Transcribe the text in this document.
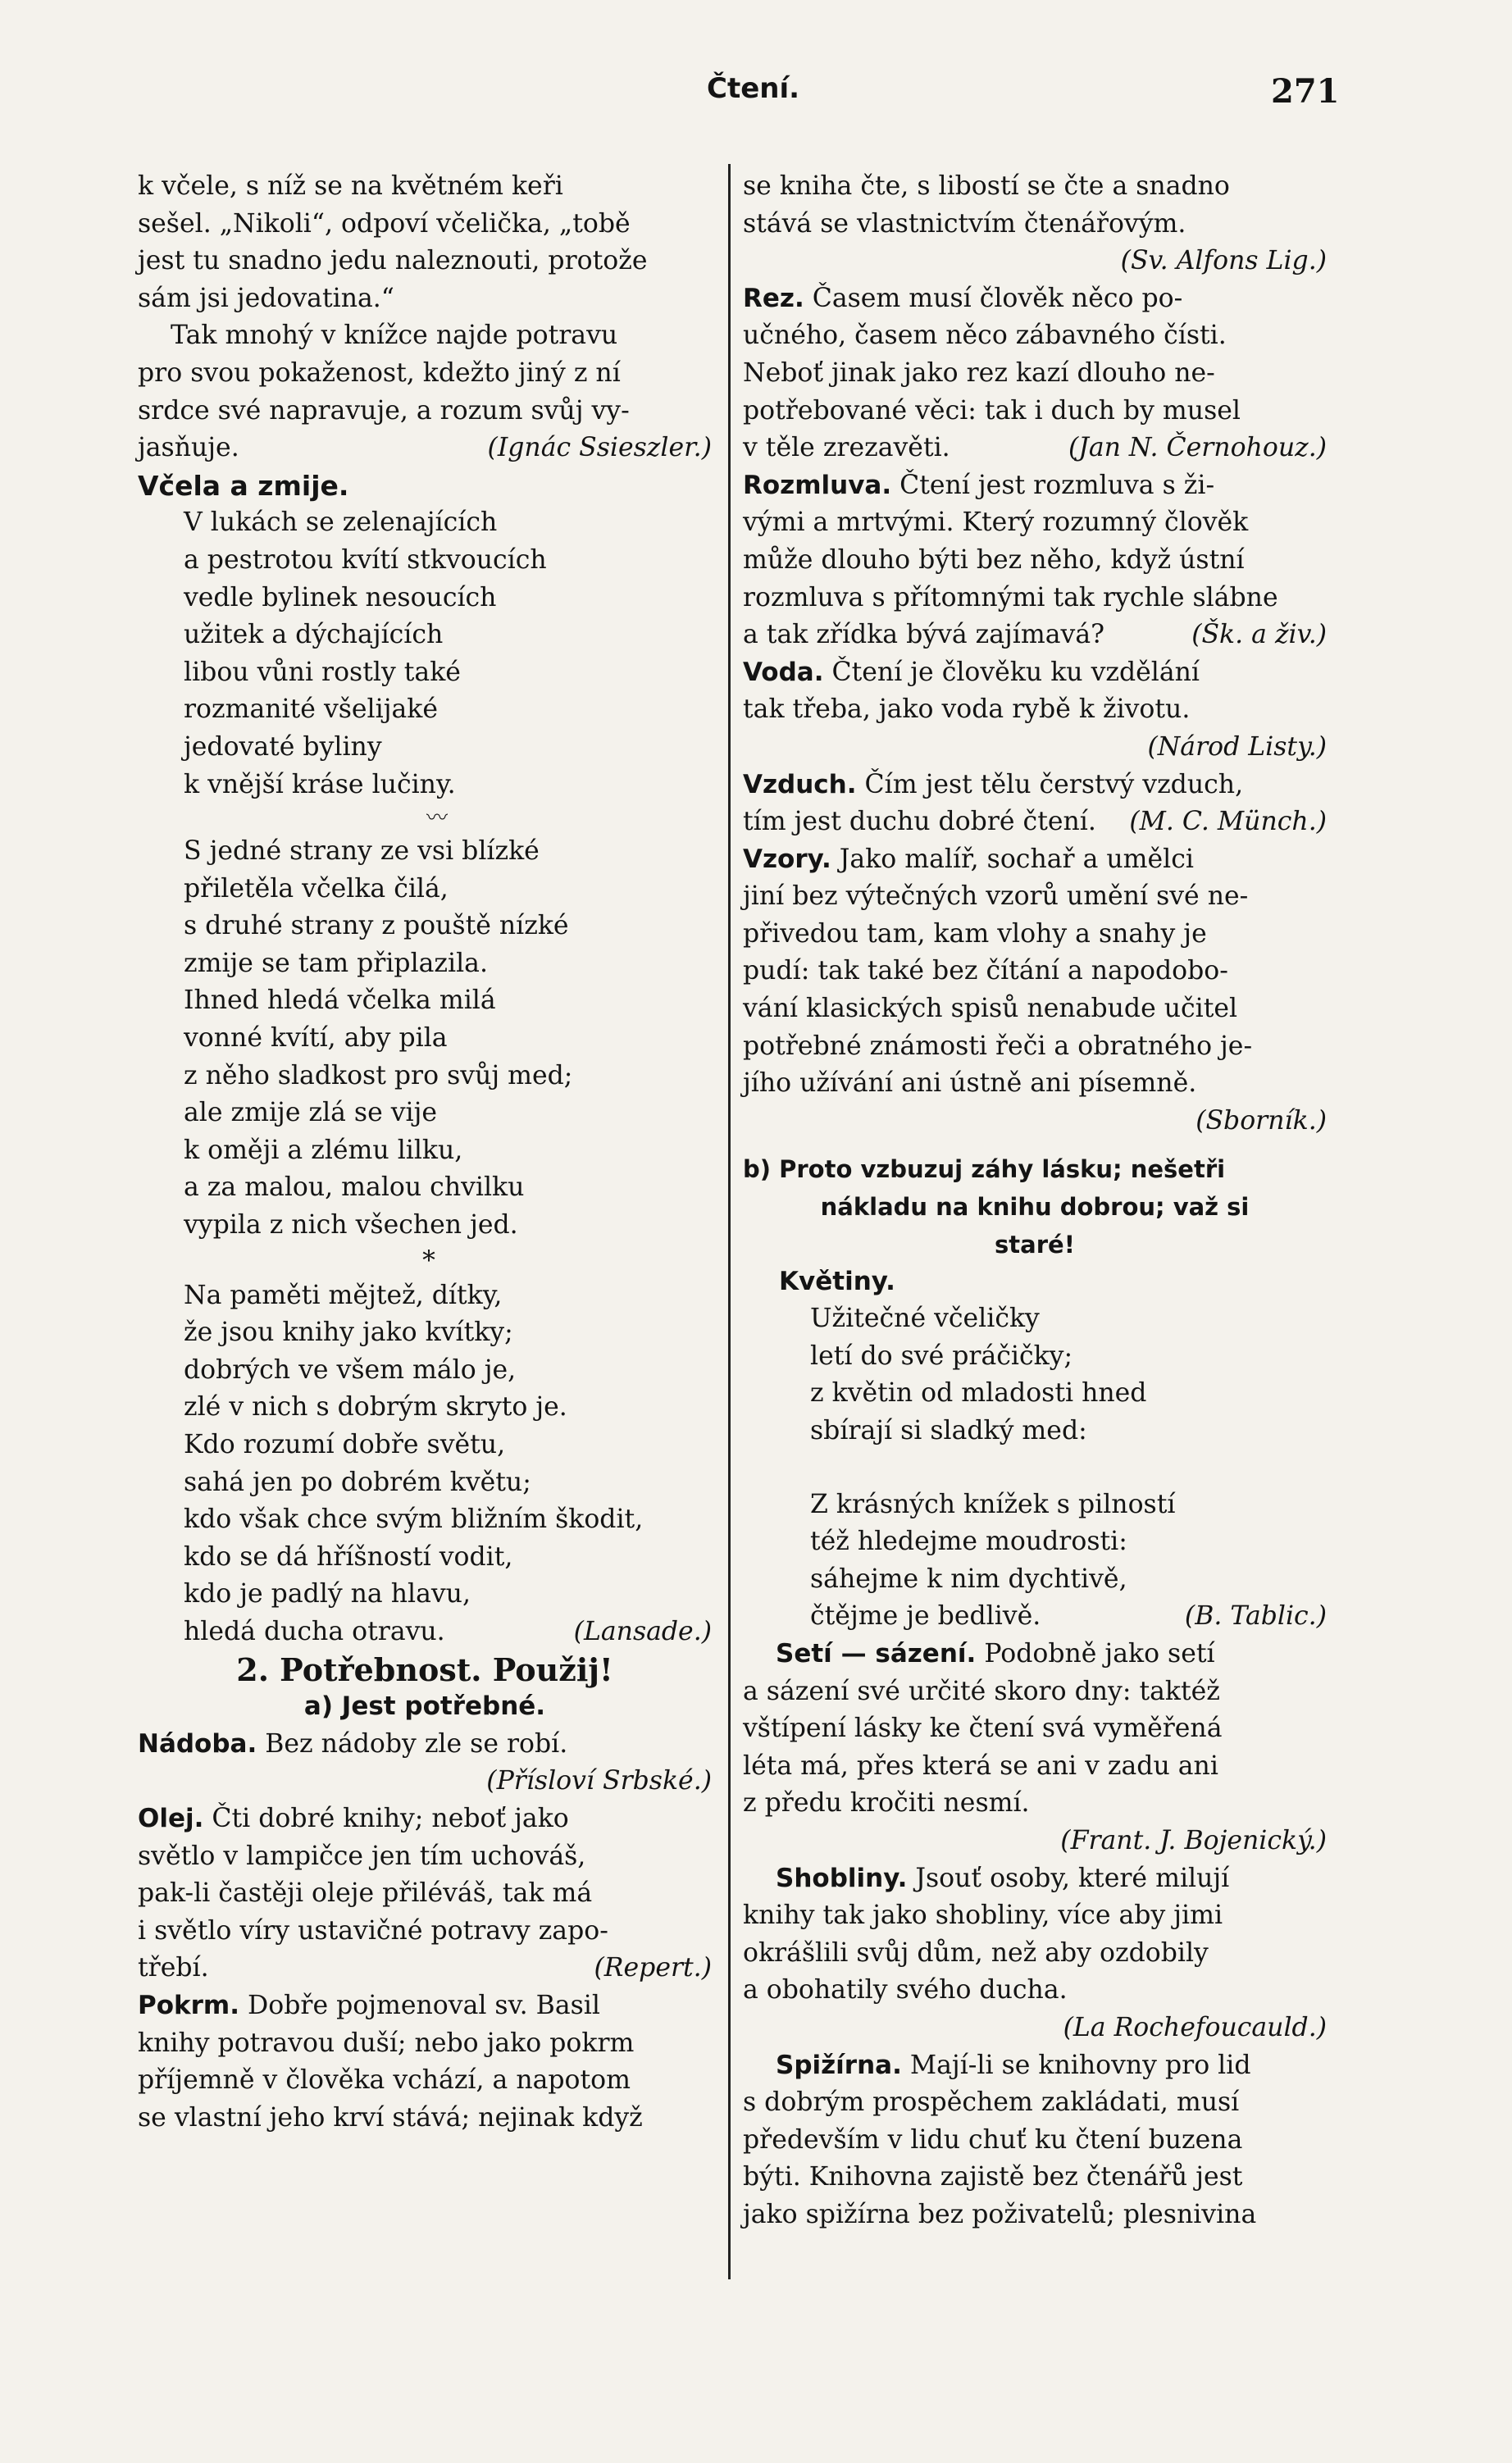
Čtení.	271

k včele, s níž se na květném keři

sešel. „Nikoli“, odpoví včelička, „tobě

jest tu snadno jedu naleznouti, protože

sám jsi jedovatina.“

Tak mnohý v knížce najde potravu

pro svou pokaženost, kdežto jiný z ní

srdce své napravuje, a rozum svůj vy-

jasňuje.	(Ignác Ssieszler.)

Včela a zmije.

V lukách se zelenajících

a pestrotou kvítí stkvoucích

vedle bylinek nesoucích

užitek a dýchajících

libou vůni rostly také

rozmanité všelijaké

jedovaté byliny

k vnější kráse lučiny.

〰

S jedné strany ze vsi blízké

přiletěla včelka čilá,

s druhé strany z pouště nízké

zmije se tam připlazila.

Ihned hledá včelka milá

vonné kvítí, aby pila

z něho sladkost pro svůj med;

ale zmije zlá se vije

k oměji a zlému lilku,

a za malou, malou chvilku

vypila z nich všechen jed.

*

Na paměti mějtež, dítky,

že jsou knihy jako kvítky;

dobrých ve všem málo je,

zlé v nich s dobrým skryto je.

Kdo rozumí dobře světu,

sahá jen po dobrém květu;

kdo však chce svým bližním škodit,

kdo se dá hříšností vodit,

kdo je padlý na hlavu,

hledá ducha otravu.	(Lansade.)

2. Potřebnost. Použij!

a) Jest potřebné.

Nádoba. Bez nádoby zle se robí.

(Přísloví Srbské.)

Olej. Čti dobré knihy; neboť jako

světlo v lampičce jen tím uchováš,

pak-li častěji oleje přiléváš, tak má

i světlo víry ustavičné potravy zapo-

třebí.	(Repert.)

Pokrm. Dobře pojmenoval sv. Basil

knihy potravou duší; nebo jako pokrm

příjemně v člověka vchází, a napotom

se vlastní jeho krví stává; nejinak když

se kniha čte, s libostí se čte a snadno

stává se vlastnictvím čtenářovým.

(Sv. Alfons Lig.)

Rez. Časem musí člověk něco po-

učného, časem něco zábavného čísti.

Neboť jinak jako rez kazí dlouho ne-

potřebované věci: tak i duch by musel

v těle zrezavěti.	(Jan N. Černohouz.)

Rozmluva. Čtení jest rozmluva s ži-

vými a mrtvými. Který rozumný člověk

může dlouho býti bez něho, když ústní

rozmluva s přítomnými tak rychle slábne

a tak zřídka bývá zajímavá?	(Šk. a živ.)

Voda. Čtení je člověku ku vzdělání

tak třeba, jako voda rybě k životu.

(Národ Listy.)

Vzduch. Čím jest tělu čerstvý vzduch,

tím jest duchu dobré čtení. (M. C. Münch.)

Vzory. Jako malíř, sochař a umělci

jiní bez výtečných vzorů umění své ne-

přivedou tam, kam vlohy a snahy je

pudí: tak také bez čítání a napodobo-

vání klasických spisů nenabude učitel

potřebné známosti řeči a obratného je-

jího užívání ani ústně ani písemně.

(Sborník.)

b) Proto vzbuzuj záhy lásku; nešetři

nákladu na knihu dobrou; važ si

staré!

Květiny.

Užitečné včeličky

letí do své práčičky;

z květin od mladosti hned

sbírají si sladký med:

Z krásných knížek s pilností

též hledejme moudrosti:

sáhejme k nim dychtivě,

čtějme je bedlivě.	(B. Tablic.)

Setí — sázení. Podobně jako setí

a sázení své určité skoro dny: taktéž

vštípení lásky ke čtení svá vyměřená

léta má, přes která se ani v zadu ani

z předu kročiti nesmí.

(Frant. J. Bojenický.)

Shobliny. Jsouť osoby, které milují

knihy tak jako shobliny, více aby jimi

okrášlili svůj dům, než aby ozdobily

a obohatily svého ducha.

(La Rochefoucauld.)

Spižírna. Mají-li se knihovny pro lid

s dobrým prospěchem zakládati, musí

především v lidu chuť ku čtení buzena

býti. Knihovna zajistě bez čtenářů jest

jako spižírna bez poživatelů; plesnivina
